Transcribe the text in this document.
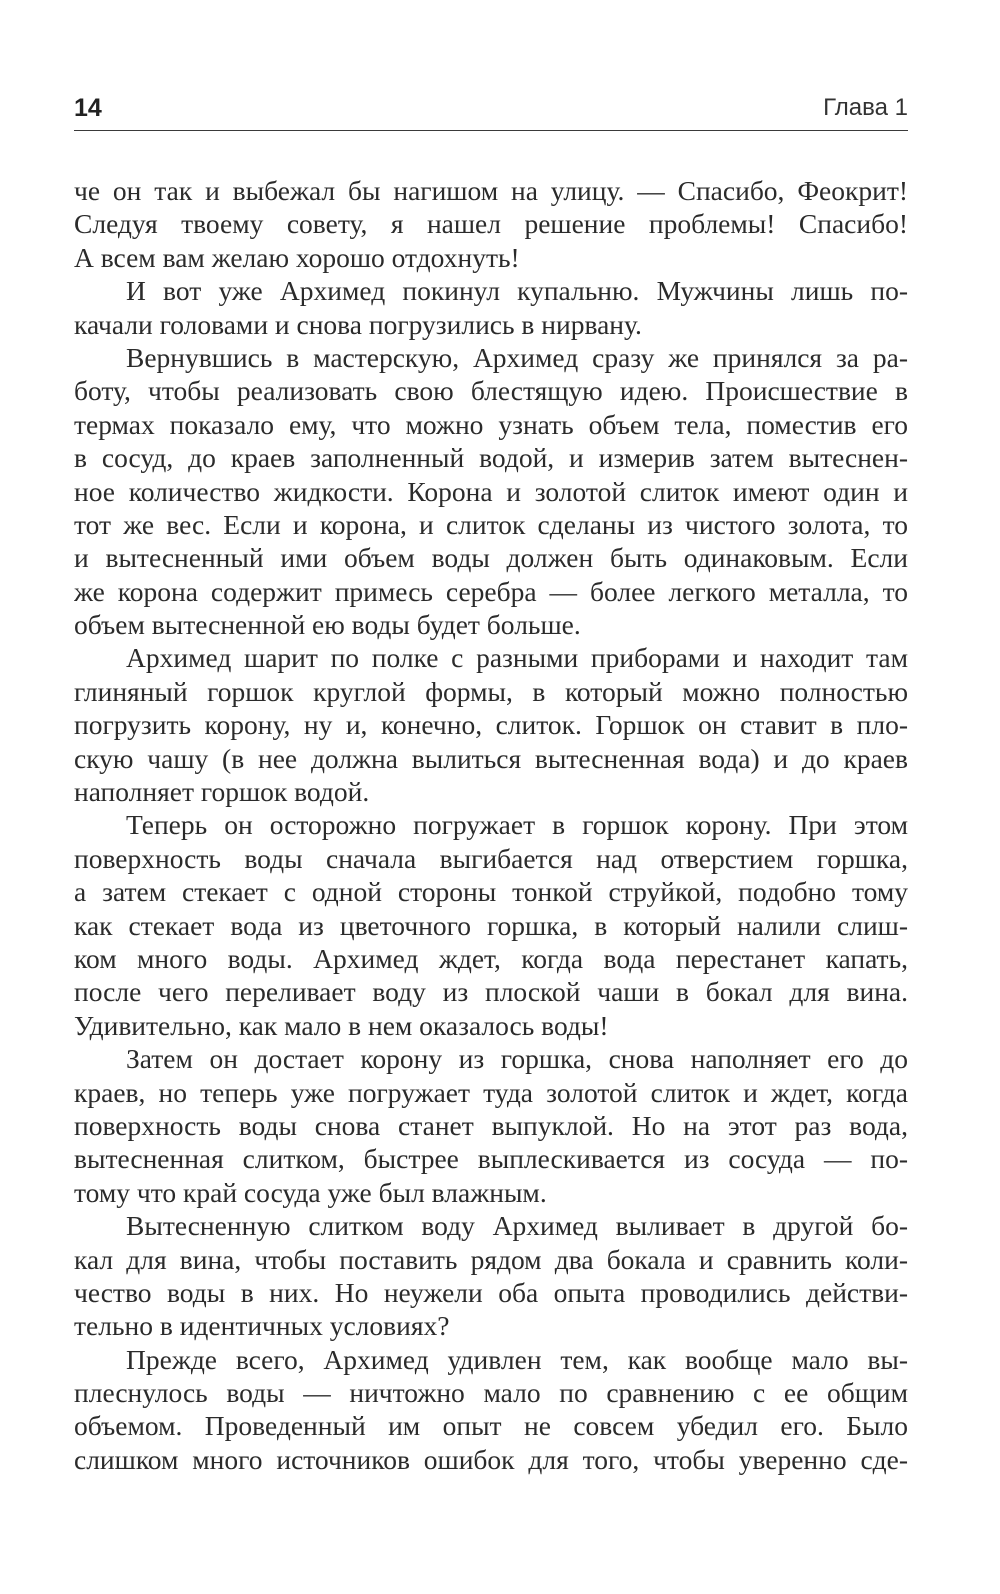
14	Глава 1
че он так и выбежал бы нагишом на улицу. — Спасибо, Феокрит!
Следуя твоему совету, я нашел решение проблемы! Спасибо!
А всем вам желаю хорошо отдохнуть!
И вот уже Архимед покинул купальню. Мужчины лишь по-
качали головами и снова погрузились в нирвану.
Вернувшись в мастерскую, Архимед сразу же принялся за ра-
боту, чтобы реализовать свою блестящую идею. Происшествие в
термах показало ему, что можно узнать объем тела, поместив его
в сосуд, до краев заполненный водой, и измерив затем вытеснен-
ное количество жидкости. Корона и золотой слиток имеют один и
тот же вес. Если и корона, и слиток сделаны из чистого золота, то
и вытесненный ими объем воды должен быть одинаковым. Если
же корона содержит примесь серебра — более легкого металла, то
объем вытесненной ею воды будет больше.
Архимед шарит по полке с разными приборами и находит там
глиняный горшок круглой формы, в который можно полностью
погрузить корону, ну и, конечно, слиток. Горшок он ставит в пло-
скую чашу (в нее должна вылиться вытесненная вода) и до краев
наполняет горшок водой.
Теперь он осторожно погружает в горшок корону. При этом
поверхность воды сначала выгибается над отверстием горшка,
а затем стекает с одной стороны тонкой струйкой, подобно тому
как стекает вода из цветочного горшка, в который налили слиш-
ком много воды. Архимед ждет, когда вода перестанет капать,
после чего переливает воду из плоской чаши в бокал для вина.
Удивительно, как мало в нем оказалось воды!
Затем он достает корону из горшка, снова наполняет его до
краев, но теперь уже погружает туда золотой слиток и ждет, когда
поверхность воды снова станет выпуклой. Но на этот раз вода,
вытесненная слитком, быстрее выплескивается из сосуда — по-
тому что край сосуда уже был влажным.
Вытесненную слитком воду Архимед выливает в другой бо-
кал для вина, чтобы поставить рядом два бокала и сравнить коли-
чество воды в них. Но неужели оба опыта проводились действи-
тельно в идентичных условиях?
Прежде всего, Архимед удивлен тем, как вообще мало вы-
плеснулось воды — ничтожно мало по сравнению с ее общим
объемом. Проведенный им опыт не совсем убедил его. Было
слишком много источников ошибок для того, чтобы уверенно сде-
